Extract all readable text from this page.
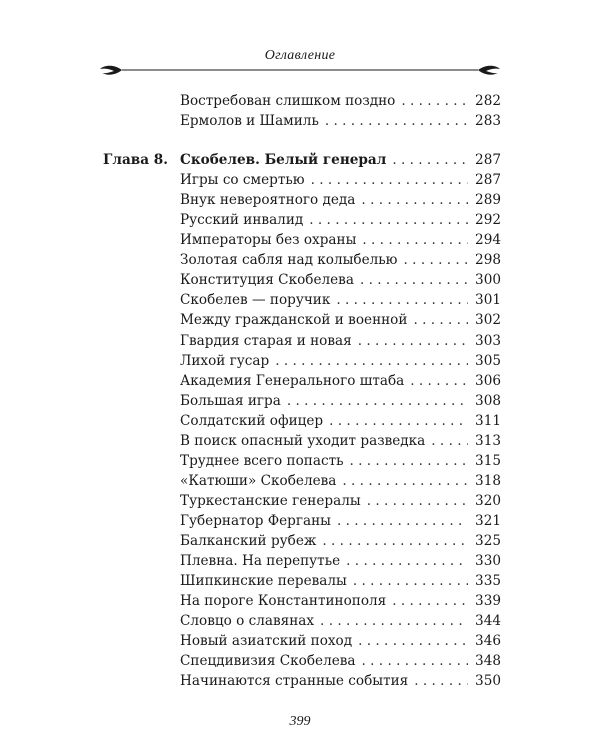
Оглавление
Востребован слишком поздно . . .	282
Ермолов и Шамиль . . .	283
Глава 8. Скобелев. Белый генерал . . .	287
Игры со смертью . . .	287
Внук невероятного деда . . .	289
Русский инвалид . . .	292
Императоры без охраны . . .	294
Золотая сабля над колыбелью . . .	298
Конституция Скобелева . . .	300
Скобелев — поручик . . .	301
Между гражданской и военной . . .	302
Гвардия старая и новая . . .	303
Лихой гусар . . .	305
Академия Генерального штаба . . .	306
Большая игра . . .	308
Солдатский офицер . . .	311
В поиск опасный уходит разведка . . .	313
Труднее всего попасть . . .	315
«Катюши» Скобелева . . .	318
Туркестанские генералы . . .	320
Губернатор Ферганы . . .	321
Балканский рубеж . . .	325
Плевна. На перепутье . . .	330
Шипкинские перевалы . . .	335
На пороге Константинополя . . .	339
Словцо о славянах . . .	344
Новый азиатский поход . . .	346
Спецдивизия Скобелева . . .	348
Начинаются странные события . . .	350
399
